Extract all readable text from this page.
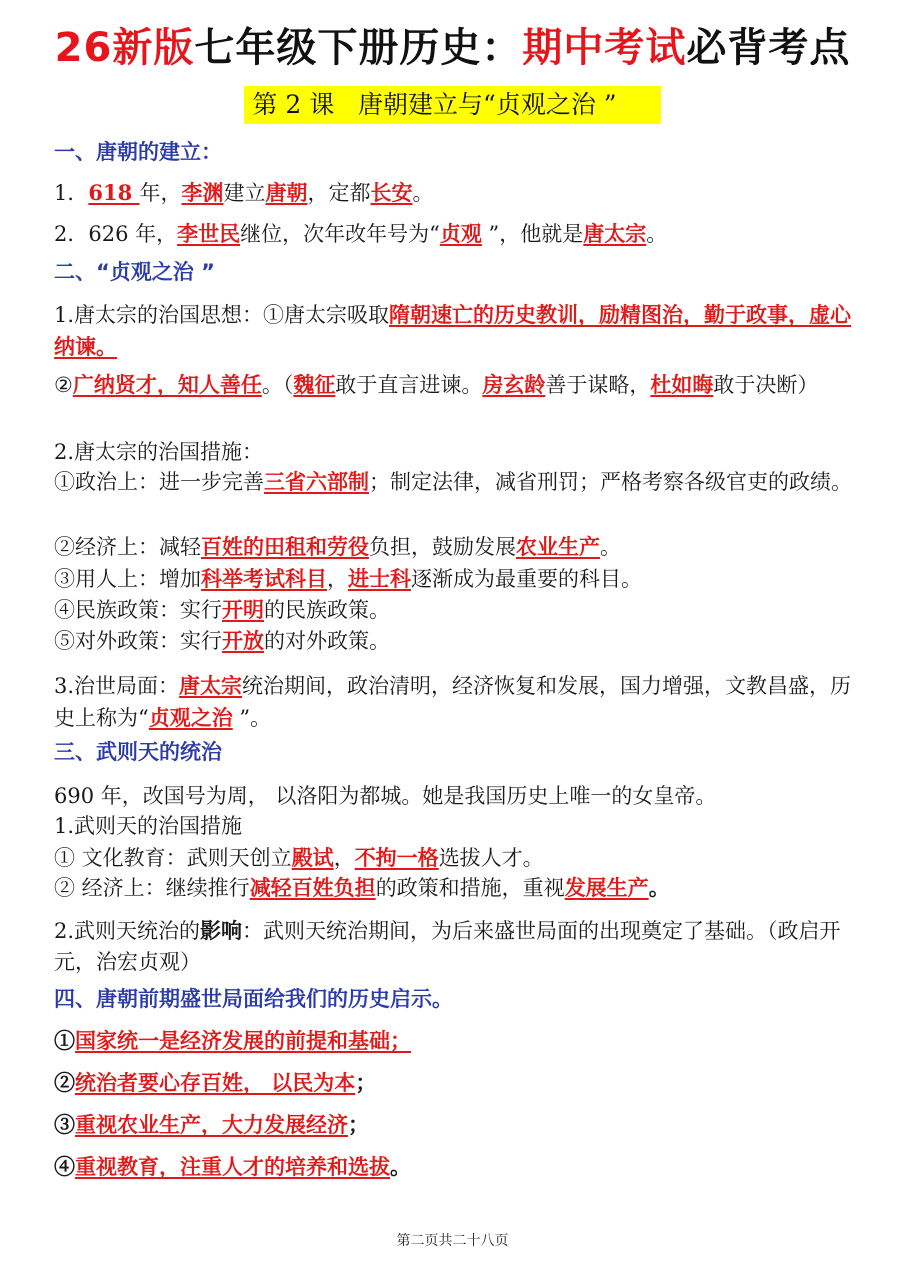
26新版七年级下册历史：期中考试必背考点
第 2 课   唐朝建立与“贞观之治 ”
一、唐朝的建立：
1．618 年，李渊建立唐朝，定都长安。
2．626 年，李世民继位，次年改年号为“贞观 ”，他就是唐太宗。
二、“贞观之治 ”
1.唐太宗的治国思想：①唐太宗吸取隋朝速亡的历史教训，励精图治，勤于政事，虚心纳谏。
②广纳贤才，知人善任。（魏征敢于直言进谏。房玄龄善于谋略，杜如晦敢于决断）
2.唐太宗的治国措施：
①政治上：进一步完善三省六部制；制定法律，减省刑罚；严格考察各级官吏的政绩。
②经济上：减轻百姓的田租和劳役负担，鼓励发展农业生产。
③用人上：增加科举考试科目，进士科逐渐成为最重要的科目。
④民族政策：实行开明的民族政策。
⑤对外政策：实行开放的对外政策。
3.治世局面：唐太宗统治期间，政治清明，经济恢复和发展，国力增强，文教昌盛，历史上称为“贞观之治 ”。
三、武则天的统治
690 年，改国号为周， 以洛阳为都城。她是我国历史上唯一的女皇帝。
1.武则天的治国措施
① 文化教育：武则天创立殿试，不拘一格选拔人才。
② 经济上：继续推行减轻百姓负担的政策和措施，重视发展生产。
2.武则天统治的影响：武则天统治期间，为后来盛世局面的出现奠定了基础。（政启开元，治宏贞观）
四、唐朝前期盛世局面给我们的历史启示。
①国家统一是经济发展的前提和基础；
②统治者要心存百姓， 以民为本；
③重视农业生产，大力发展经济；
④重视教育，注重人才的培养和选拔。
第二页共二十八页
